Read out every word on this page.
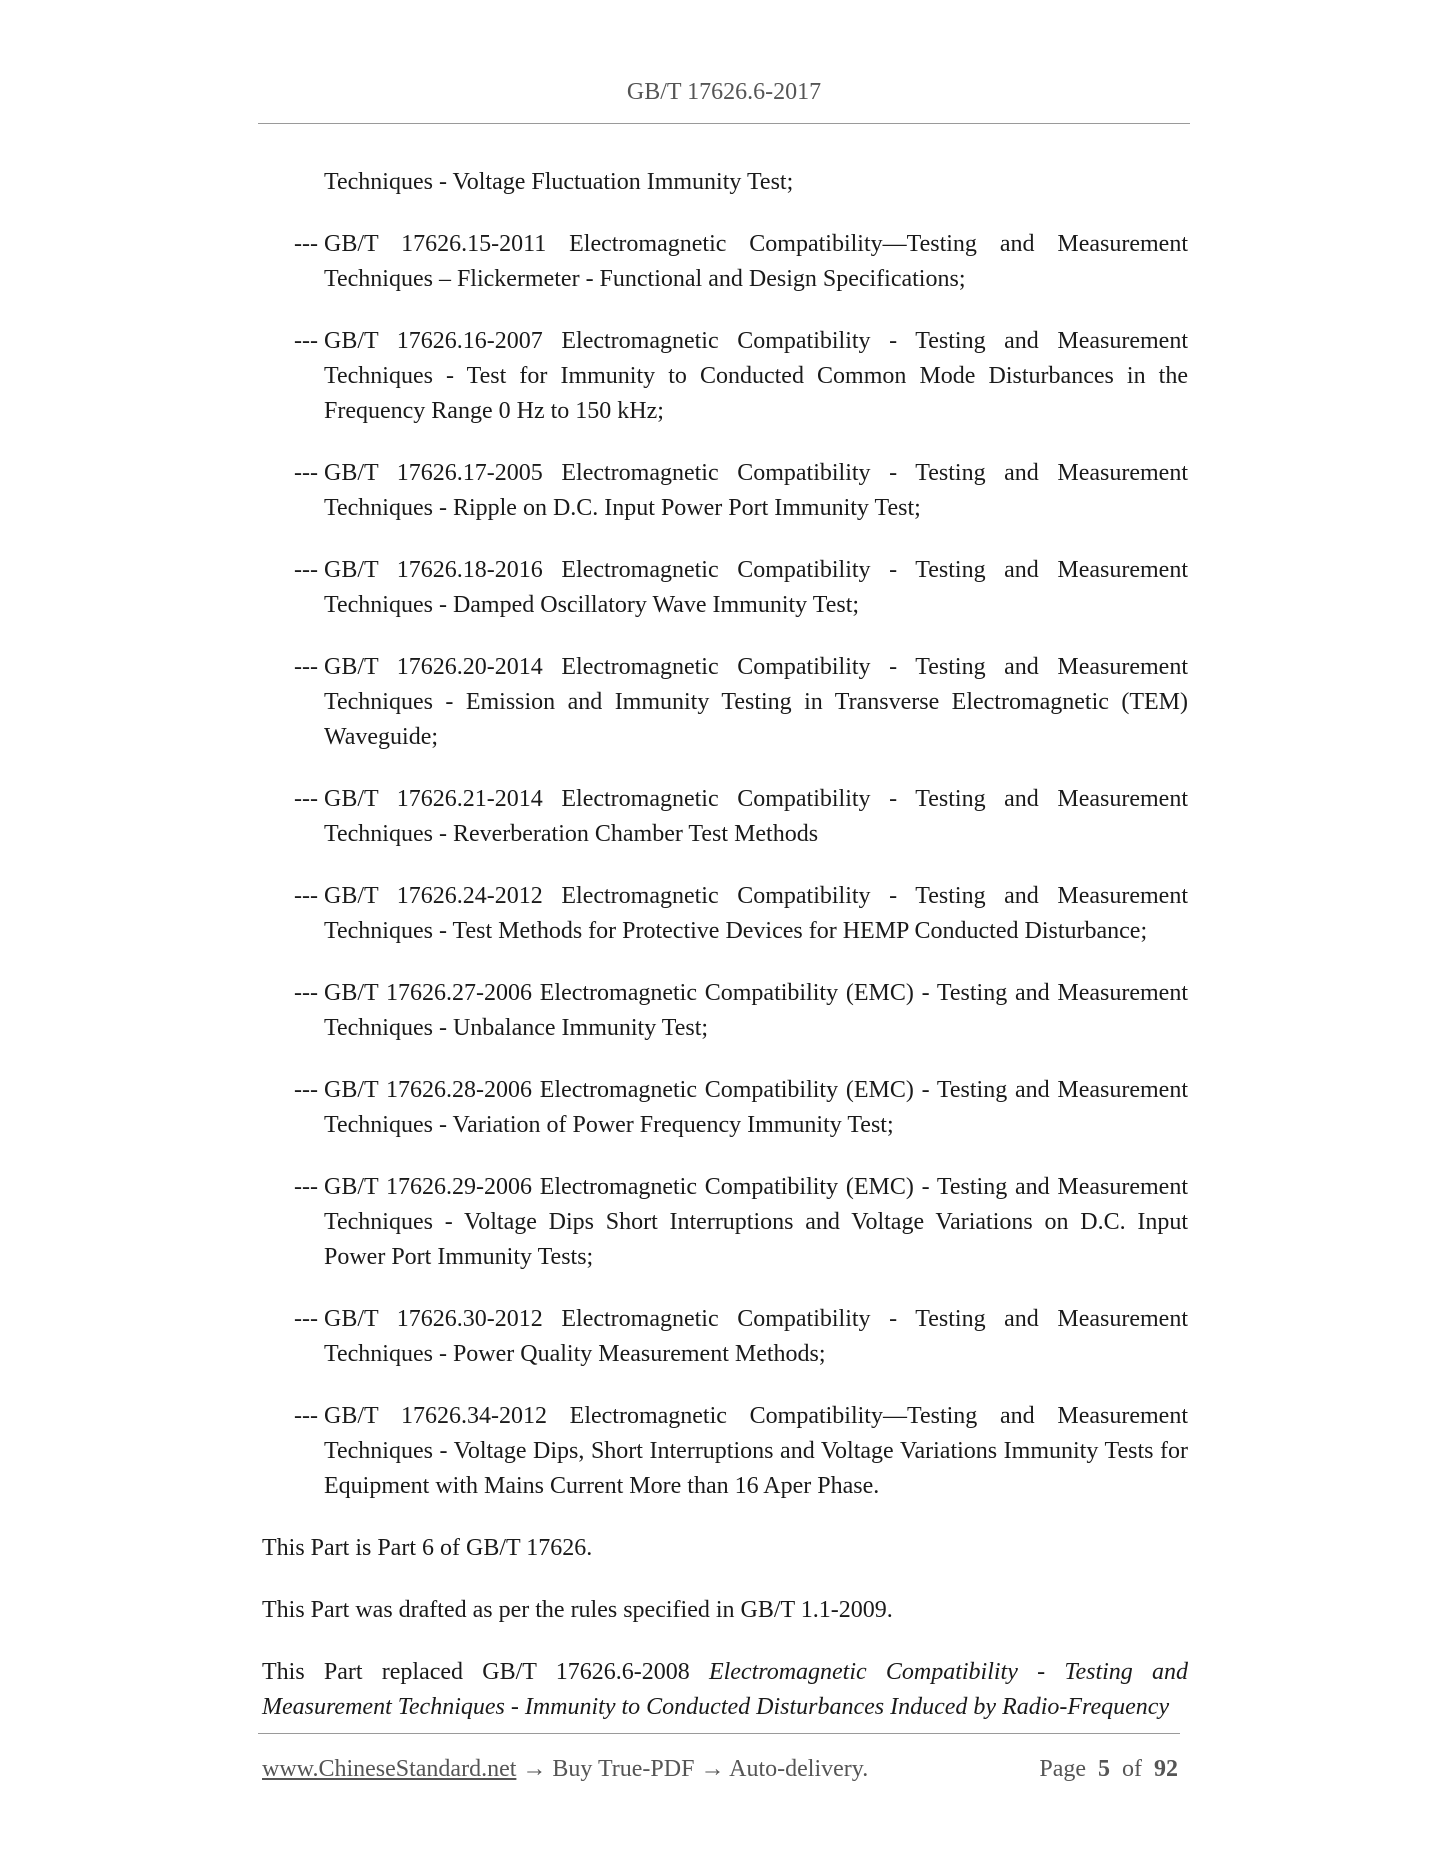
GB/T 17626.6-2017
Techniques - Voltage Fluctuation Immunity Test;
--- GB/T 17626.15-2011 Electromagnetic Compatibility—Testing and Measurement Techniques – Flickermeter - Functional and Design Specifications;
--- GB/T 17626.16-2007 Electromagnetic Compatibility - Testing and Measurement Techniques - Test for Immunity to Conducted Common Mode Disturbances in the Frequency Range 0 Hz to 150 kHz;
--- GB/T 17626.17-2005 Electromagnetic Compatibility - Testing and Measurement Techniques - Ripple on D.C. Input Power Port Immunity Test;
--- GB/T 17626.18-2016 Electromagnetic Compatibility - Testing and Measurement Techniques - Damped Oscillatory Wave Immunity Test;
--- GB/T 17626.20-2014 Electromagnetic Compatibility - Testing and Measurement Techniques - Emission and Immunity Testing in Transverse Electromagnetic (TEM) Waveguide;
--- GB/T 17626.21-2014 Electromagnetic Compatibility - Testing and Measurement Techniques - Reverberation Chamber Test Methods
--- GB/T 17626.24-2012 Electromagnetic Compatibility - Testing and Measurement Techniques - Test Methods for Protective Devices for HEMP Conducted Disturbance;
--- GB/T 17626.27-2006 Electromagnetic Compatibility (EMC) - Testing and Measurement Techniques - Unbalance Immunity Test;
--- GB/T 17626.28-2006 Electromagnetic Compatibility (EMC) - Testing and Measurement Techniques - Variation of Power Frequency Immunity Test;
--- GB/T 17626.29-2006 Electromagnetic Compatibility (EMC) - Testing and Measurement Techniques - Voltage Dips Short Interruptions and Voltage Variations on D.C. Input Power Port Immunity Tests;
--- GB/T 17626.30-2012 Electromagnetic Compatibility - Testing and Measurement Techniques - Power Quality Measurement Methods;
--- GB/T 17626.34-2012 Electromagnetic Compatibility—Testing and Measurement Techniques - Voltage Dips, Short Interruptions and Voltage Variations Immunity Tests for Equipment with Mains Current More than 16 Aper Phase.
This Part is Part 6 of GB/T 17626.
This Part was drafted as per the rules specified in GB/T 1.1-2009.
This Part replaced GB/T 17626.6-2008 Electromagnetic Compatibility - Testing and Measurement Techniques - Immunity to Conducted Disturbances Induced by Radio-Frequency
www.ChineseStandard.net → Buy True-PDF → Auto-delivery.	Page 5 of 92
